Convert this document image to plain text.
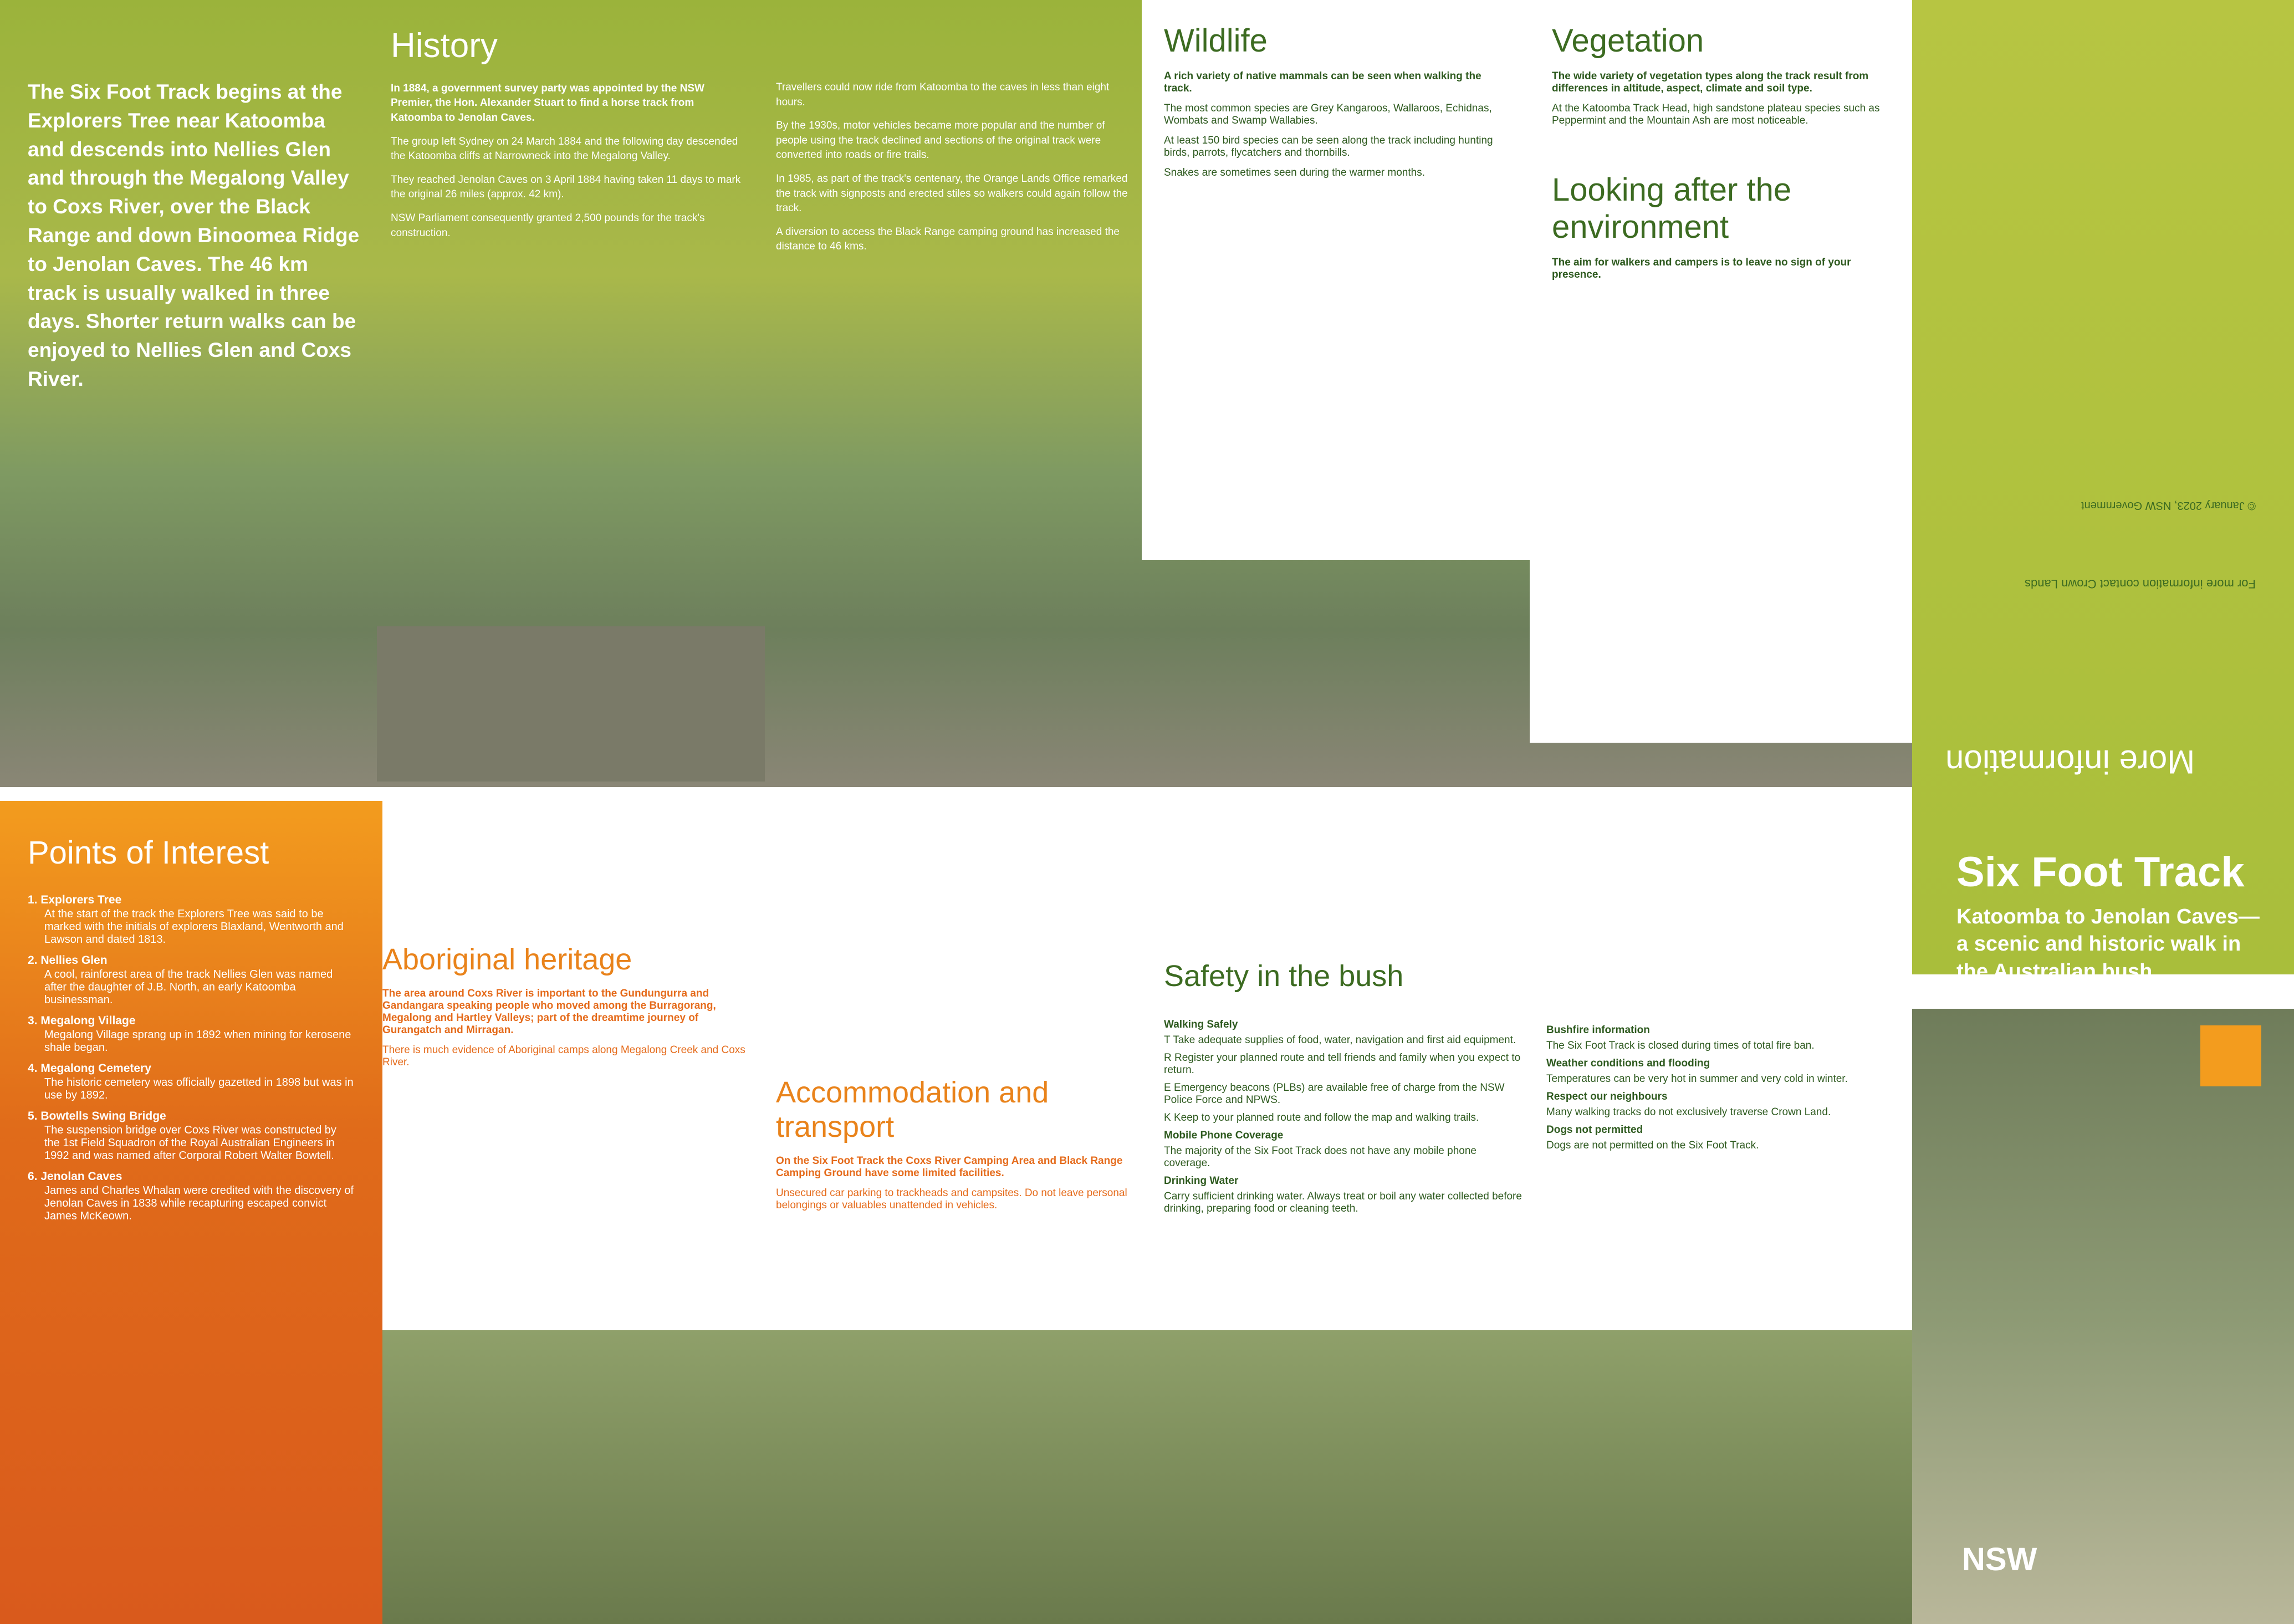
The Six Foot Track begins at the Explorers Tree near Katoomba and descends into Nellies Glen and through the Megalong Valley to Coxs River, over the Black Range and down Binoomea Ridge to Jenolan Caves. The 46 km track is usually walked in three days. Shorter return walks can be enjoyed to Nellies Glen and Coxs River.
History

In 1884, a government survey party was appointed by the NSW Premier, the Hon. Alexander Stuart to find a horse track from Katoomba to Jenolan Caves.

The group left Sydney on 24 March 1884 and the following day descended the Katoomba cliffs at Narrowneck into the Megalong Valley.

They reached Jenolan Caves on 3 April 1884 having taken 11 days to mark the original 26 miles (approx. 42 km).

NSW Parliament consequently granted 2,500 pounds for the track's construction.

Travellers could now ride from Katoomba to the caves in less than eight hours.

By the 1930s, motor vehicles became more popular and the number of people using the track declined and sections of the original track were converted into roads or fire trails.

In 1985, as part of the track's centenary, the Orange Lands Office remarked the track with signposts and erected stiles so walkers could again follow the track.

A diversion to access the Black Range camping ground has increased the distance to 46 kms.

Wildlife

A rich variety of native mammals can be seen when walking the track.

The most common species are Grey Kangaroos, Wallaroos, Echidnas, Wombats and Swamp Wallabies.

At least 150 bird species can be seen along the track including hunting birds, parrots, flycatchers and thornbills.

Snakes are sometimes seen during the warmer months.

Vegetation

The wide variety of vegetation types along the track result from differences in altitude, aspect, climate and soil type.

At the Katoomba Track Head, high sandstone plateau species such as Peppermint and the Mountain Ash are most noticeable.

Looking after the environment

The aim for walkers and campers is to leave no sign of your presence.

Points of Interest
1. Explorers Tree

At the start of the track the Explorers Tree was said to be marked with the initials of explorers Blaxland, Wentworth and Lawson and dated 1813.

2. Nellies Glen

A cool, rainforest area of the track Nellies Glen was named after the daughter of J.B. North, an early Katoomba businessman.

3. Megalong Village

Megalong Village sprang up in 1892 when mining for kerosene shale began.

4. Megalong Cemetery

The historic cemetery was officially gazetted in 1898 but was in use by 1892.

5. Bowtells Swing Bridge

The suspension bridge over Coxs River was constructed by the 1st Field Squadron of the Royal Australian Engineers in 1992 and was named after Corporal Robert Walter Bowtell.

6. Jenolan Caves

James and Charles Whalan were credited with the discovery of Jenolan Caves in 1838 while recapturing escaped convict James McKeown.

Aboriginal heritage

The area around Coxs River is important to the Gundungurra and Gandangara speaking people who moved among the Burragorang, Megalong and Hartley Valleys; part of the dreamtime journey of Gurangatch and Mirragan.

There is much evidence of Aboriginal camps along Megalong Creek and Coxs River.

Accommodation and transport

On the Six Foot Track the Coxs River Camping Area and Black Range Camping Ground have some limited facilities.

Unsecured car parking to trackheads and campsites. Do not leave personal belongings or valuables unattended in vehicles.

Safety in the bush
Walking Safely

T Take adequate supplies of food, water, navigation and first aid equipment.

R Register your planned route and tell friends and family when you expect to return.

E Emergency beacons (PLBs) are available free of charge from the NSW Police Force and NPWS.

K Keep to your planned route and follow the map and walking trails.

Mobile Phone Coverage

The majority of the Six Foot Track does not have any mobile phone coverage.

Drinking Water

Carry sufficient drinking water. Always treat or boil any water collected before drinking, preparing food or cleaning teeth.

Bushfire information

The Six Foot Track is closed during times of total fire ban.

Weather conditions and flooding

Temperatures can be very hot in summer and very cold in winter.

Respect our neighbours

Many walking tracks do not exclusively traverse Crown Land.

Dogs not permitted

Dogs are not permitted on the Six Foot Track.

© January 2023, NSW Government
For more information contact Crown Lands
More information
Six Foot Track
Katoomba to Jenolan Caves— a scenic and historic walk in the Australian bush
NSW
